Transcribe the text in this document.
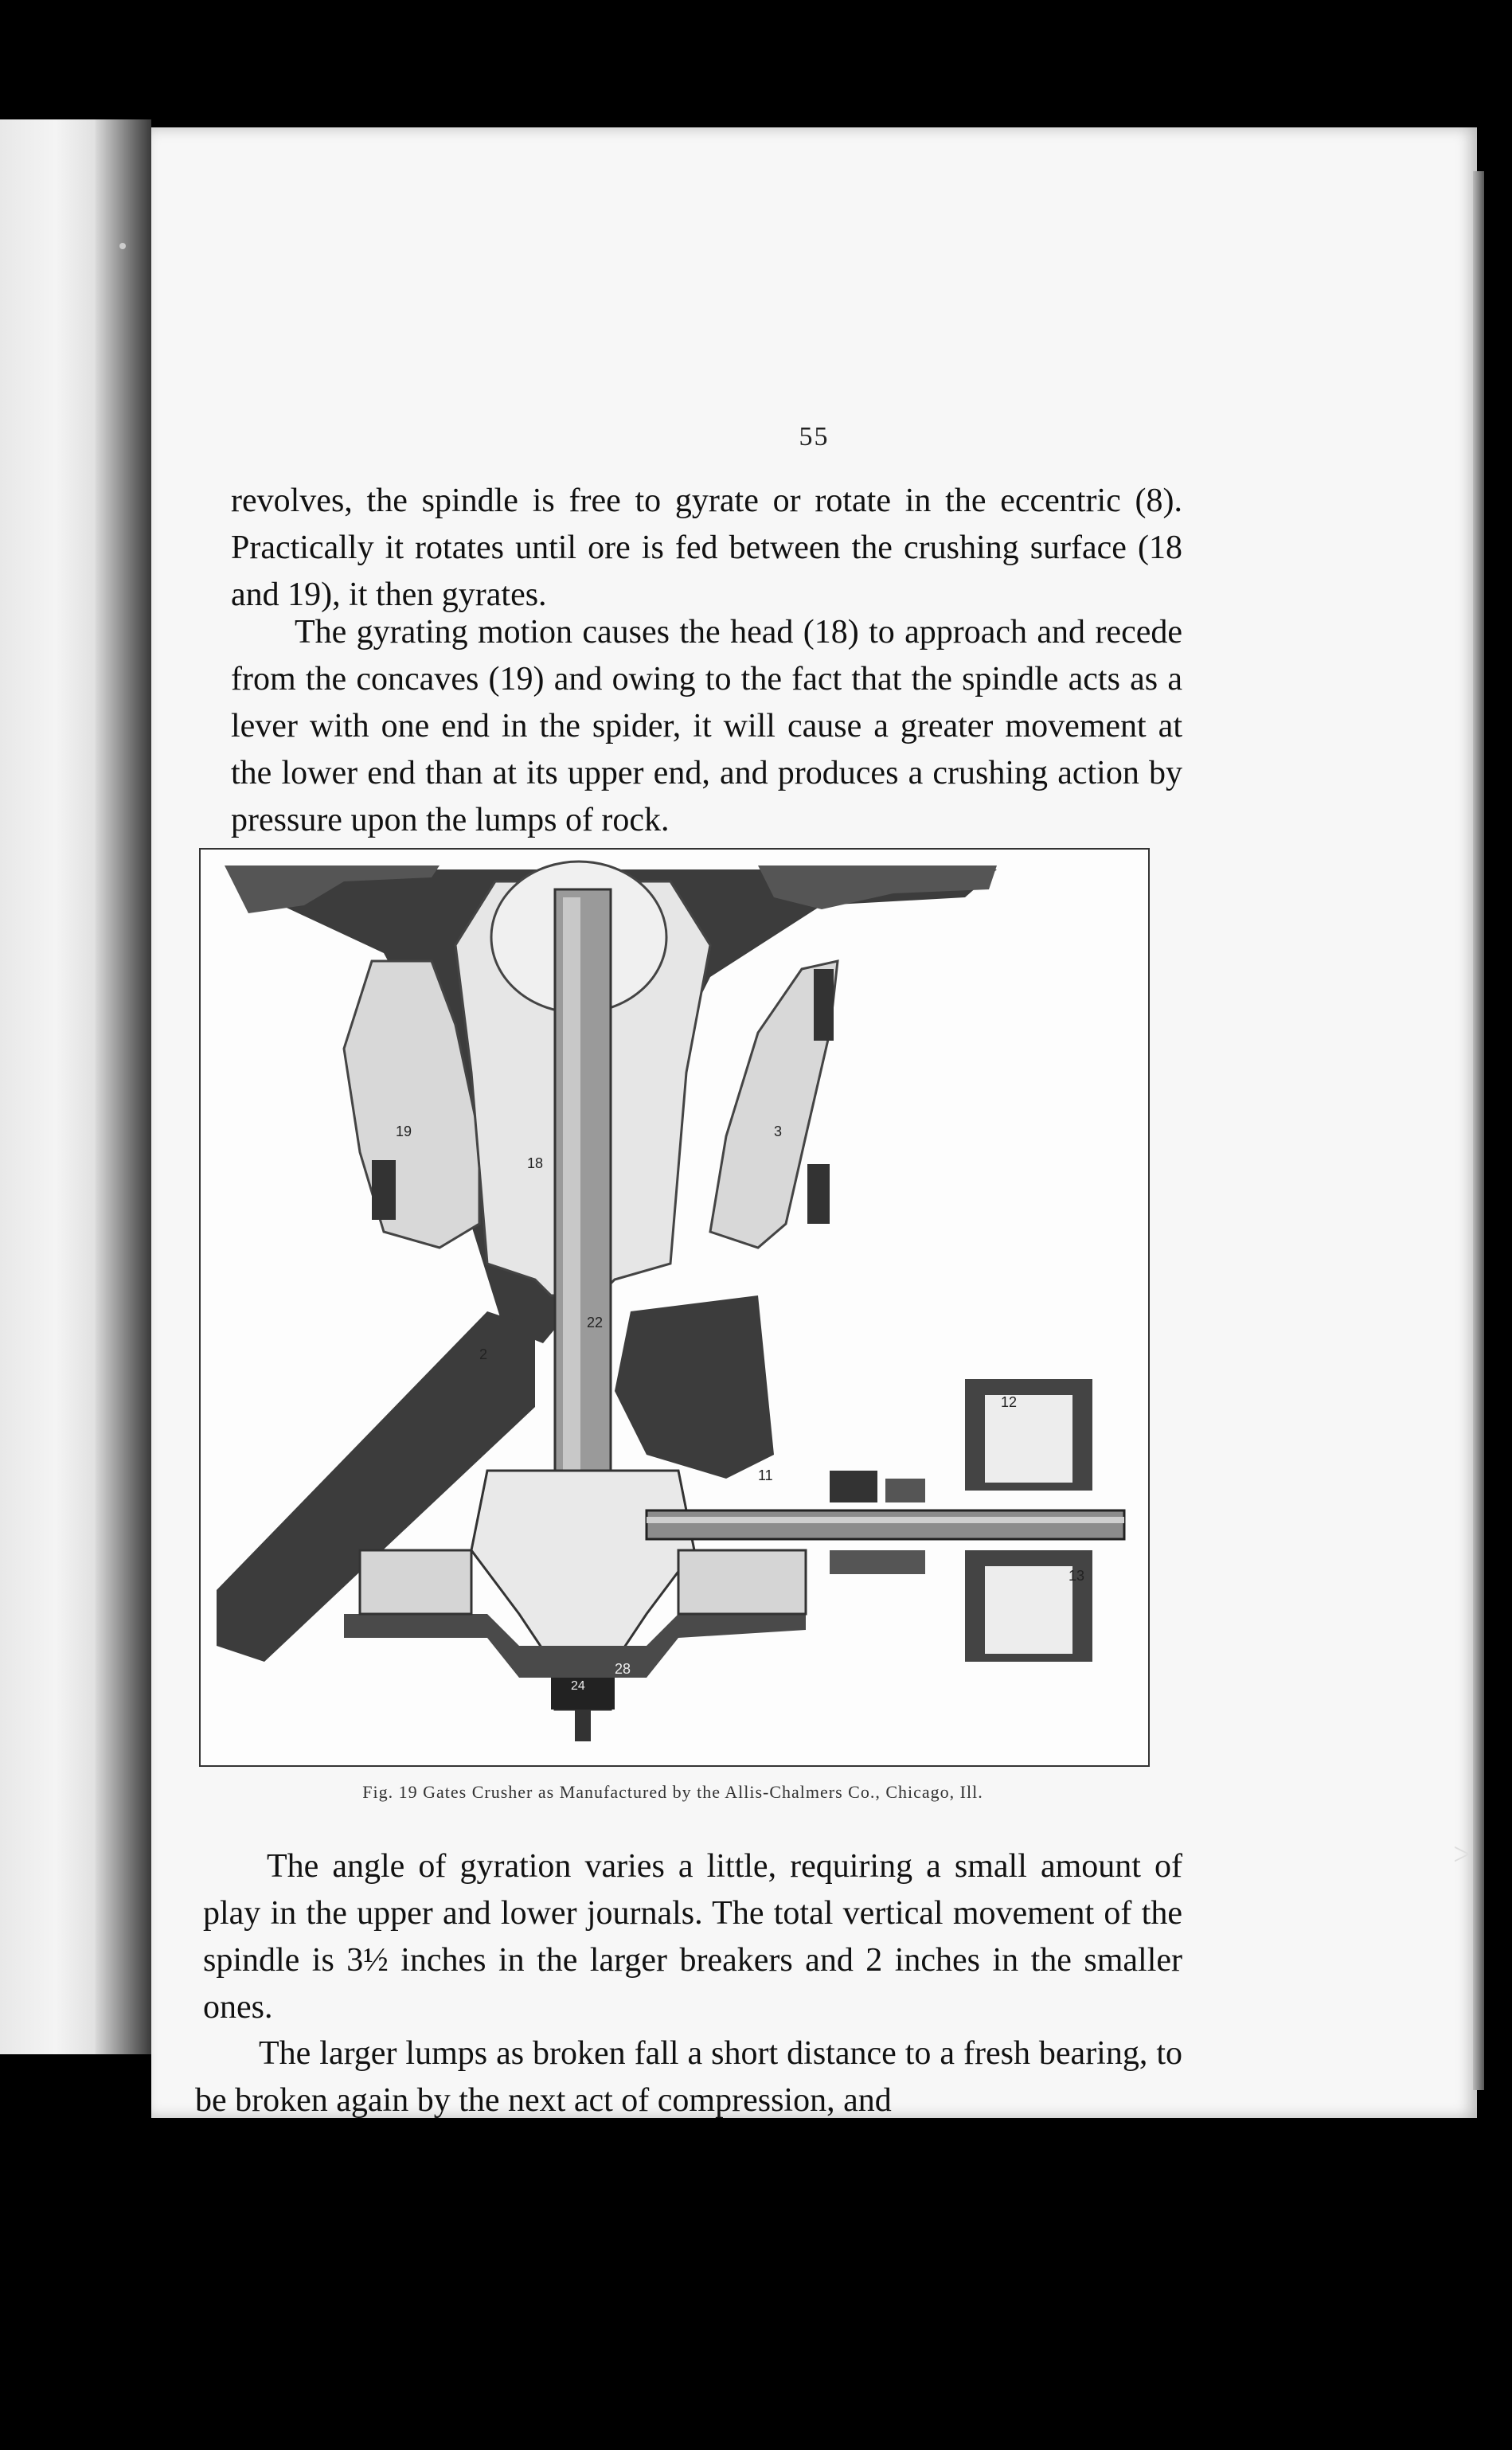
55

revolves, the spindle is free to gyrate or rotate in the eccentric (8). Practically it rotates until ore is fed between the crushing surface (18 and 19), it then gyrates.

The gyrating motion causes the head (18) to approach and recede from the concaves (19) and owing to the fact that the spindle acts as a lever with one end in the spider, it will cause a greater movement at the lower end than at its upper end, and produces a crushing action by pressure upon the lumps of rock.

18
19	3
22
2
12
11
13
28
24
Fig. 19 Gates Crusher as Manufactured by the Allis-Chalmers Co., Chicago, Ill.

The angle of gyration varies a little, requiring a small amount of play in the upper and lower journals. The total vertical movement of the spindle is 3½ inches in the larger breakers and 2 inches in the smaller ones.

The larger lumps as broken fall a short distance to a fresh bearing, to be broken again by the next act of compression, and

>
